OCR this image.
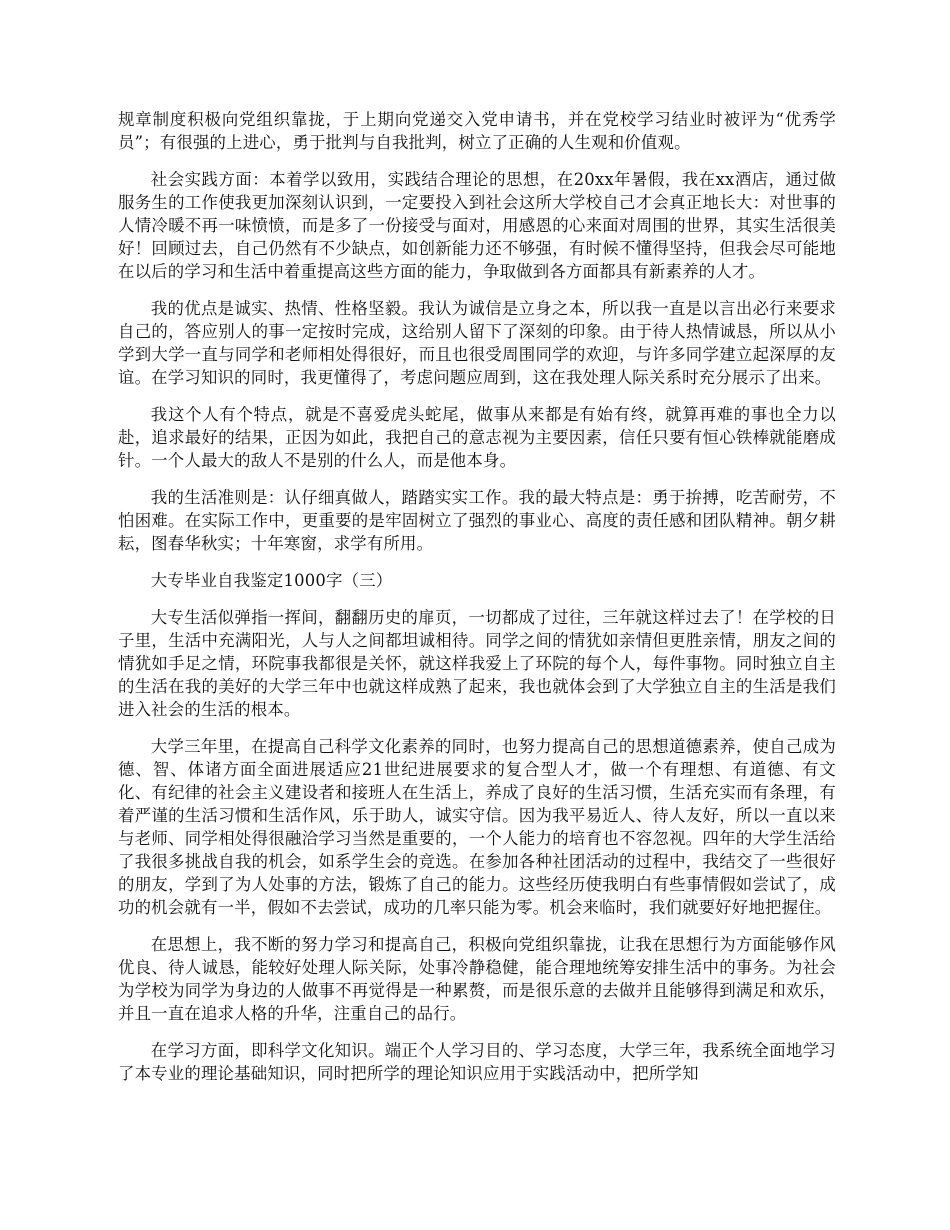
规章制度积极向党组织靠拢，于上期向党递交入党申请书，并在党校学习结业时被评为“优秀学员”；有很强的上进心，勇于批判与自我批判，树立了正确的人生观和价值观。

社会实践方面：本着学以致用，实践结合理论的思想，在20xx年暑假，我在xx酒店，通过做服务生的工作使我更加深刻认识到，一定要投入到社会这所大学校自己才会真正地长大：对世事的人情冷暖不再一味愤愤，而是多了一份接受与面对，用感恩的心来面对周围的世界，其实生活很美好！回顾过去，自己仍然有不少缺点，如创新能力还不够强，有时候不懂得坚持，但我会尽可能地在以后的学习和生活中着重提高这些方面的能力，争取做到各方面都具有新素养的人才。

我的优点是诚实、热情、性格坚毅。我认为诚信是立身之本，所以我一直是以言出必行来要求自己的，答应别人的事一定按时完成，这给别人留下了深刻的印象。由于待人热情诚恳，所以从小学到大学一直与同学和老师相处得很好，而且也很受周围同学的欢迎，与许多同学建立起深厚的友谊。在学习知识的同时，我更懂得了，考虑问题应周到，这在我处理人际关系时充分展示了出来。

我这个人有个特点，就是不喜爱虎头蛇尾，做事从来都是有始有终，就算再难的事也全力以赴，追求最好的结果，正因为如此，我把自己的意志视为主要因素，信任只要有恒心铁棒就能磨成针。一个人最大的敌人不是别的什么人，而是他本身。

我的生活准则是：认仔细真做人，踏踏实实工作。我的最大特点是：勇于拚搏，吃苦耐劳，不怕困难。在实际工作中，更重要的是牢固树立了强烈的事业心、高度的责任感和团队精神。朝夕耕耘，图春华秋实；十年寒窗，求学有所用。

大专毕业自我鉴定1000字（三）

大专生活似弹指一挥间，翻翻历史的扉页，一切都成了过往，三年就这样过去了！在学校的日子里，生活中充满阳光，人与人之间都坦诚相待。同学之间的情犹如亲情但更胜亲情，朋友之间的情犹如手足之情，环院事我都很是关怀，就这样我爱上了环院的每个人，每件事物。同时独立自主的生活在我的美好的大学三年中也就这样成熟了起来，我也就体会到了大学独立自主的生活是我们进入社会的生活的根本。

大学三年里，在提高自己科学文化素养的同时，也努力提高自己的思想道德素养，使自己成为德、智、体诸方面全面进展适应21世纪进展要求的复合型人才，做一个有理想、有道德、有文化、有纪律的社会主义建设者和接班人在生活上，养成了良好的生活习惯，生活充实而有条理，有着严谨的生活习惯和生活作风，乐于助人，诚实守信。因为我平易近人、待人友好，所以一直以来与老师、同学相处得很融洽学习当然是重要的，一个人能力的培育也不容忽视。四年的大学生活给了我很多挑战自我的机会，如系学生会的竞选。在参加各种社团活动的过程中，我结交了一些很好的朋友，学到了为人处事的方法，锻炼了自己的能力。这些经历使我明白有些事情假如尝试了，成功的机会就有一半，假如不去尝试，成功的几率只能为零。机会来临时，我们就要好好地把握住。

在思想上，我不断的努力学习和提高自己，积极向党组织靠拢，让我在思想行为方面能够作风优良、待人诚恳，能较好处理人际关际，处事冷静稳健，能合理地统筹安排生活中的事务。为社会为学校为同学为身边的人做事不再觉得是一种累赘，而是很乐意的去做并且能够得到满足和欢乐，并且一直在追求人格的升华，注重自己的品行。

在学习方面，即科学文化知识。端正个人学习目的、学习态度，大学三年，我系统全面地学习了本专业的理论基础知识，同时把所学的理论知识应用于实践活动中，把所学知
